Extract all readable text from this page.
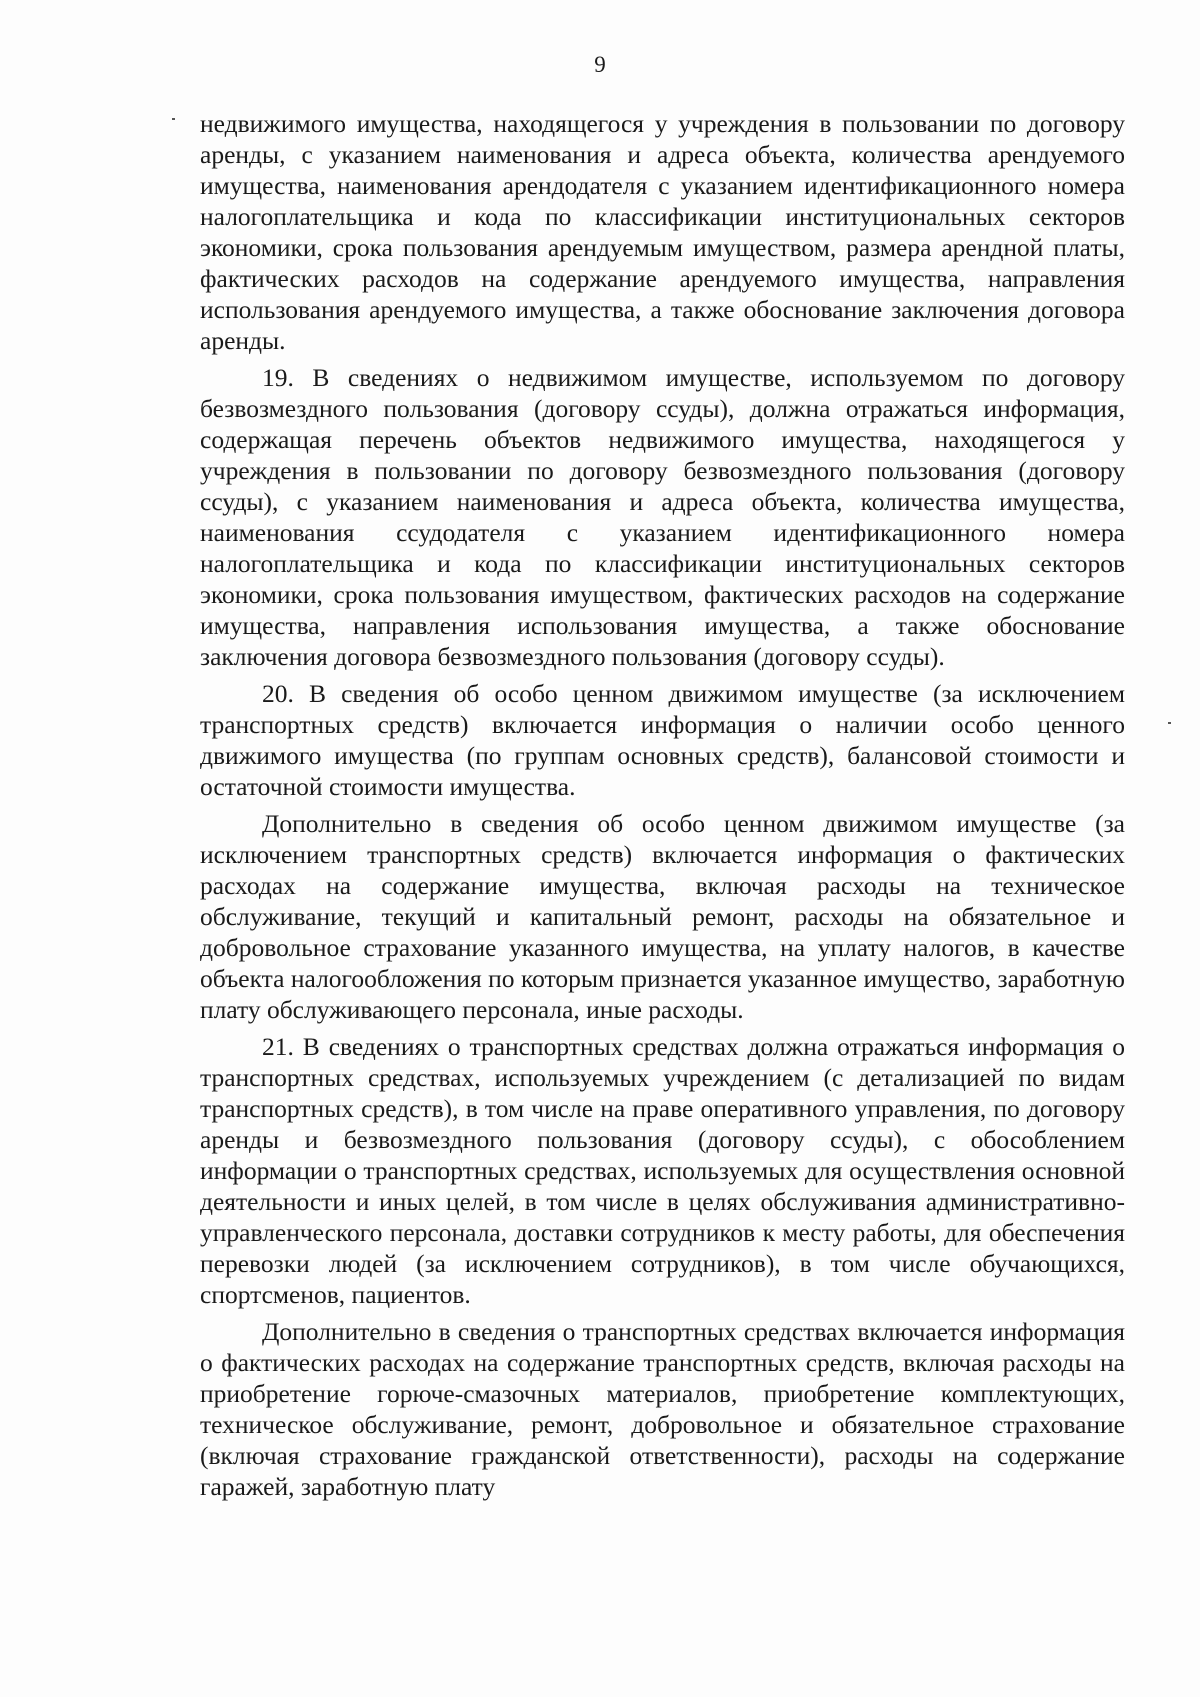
9

недвижимого имущества, находящегося у учреждения в пользовании по договору аренды, с указанием наименования и адреса объекта, количества арендуемого имущества, наименования арендодателя с указанием идентификационного номера налогоплательщика и кода по классификации институциональных секторов экономики, срока пользования арендуемым имуществом, размера арендной платы, фактических расходов на содержание арендуемого имущества, направления использования арендуемого имущества, а также обоснование заключения договора аренды.

19. В сведениях о недвижимом имуществе, используемом по договору безвозмездного пользования (договору ссуды), должна отражаться информация, содержащая перечень объектов недвижимого имущества, находящегося у учреждения в пользовании по договору безвозмездного пользования (договору ссуды), с указанием наименования и адреса объекта, количества имущества, наименования ссудодателя с указанием идентификационного номера налогоплательщика и кода по классификации институциональных секторов экономики, срока пользования имуществом, фактических расходов на содержание имущества, направления использования имущества, а также обоснование заключения договора безвозмездного пользования (договору ссуды).

20. В сведения об особо ценном движимом имуществе (за исключением транспортных средств) включается информация о наличии особо ценного движимого имущества (по группам основных средств), балансовой стоимости и остаточной стоимости имущества.

Дополнительно в сведения об особо ценном движимом имуществе (за исключением транспортных средств) включается информация о фактических расходах на содержание имущества, включая расходы на техническое обслуживание, текущий и капитальный ремонт, расходы на обязательное и добровольное страхование указанного имущества, на уплату налогов, в качестве объекта налогообложения по которым признается указанное имущество, заработную плату обслуживающего персонала, иные расходы.

21. В сведениях о транспортных средствах должна отражаться информация о транспортных средствах, используемых учреждением (с детализацией по видам транспортных средств), в том числе на праве оперативного управления, по договору аренды и безвозмездного пользования (договору ссуды), с обособлением информации о транспортных средствах, используемых для осуществления основной деятельности и иных целей, в том числе в целях обслуживания административно-управленческого персонала, доставки сотрудников к месту работы, для обеспечения перевозки людей (за исключением сотрудников), в том числе обучающихся, спортсменов, пациентов.

Дополнительно в сведения о транспортных средствах включается информация о фактических расходах на содержание транспортных средств, включая расходы на приобретение горюче-смазочных материалов, приобретение комплектующих, техническое обслуживание, ремонт, добровольное и обязательное страхование (включая страхование гражданской ответственности), расходы на содержание гаражей, заработную плату
